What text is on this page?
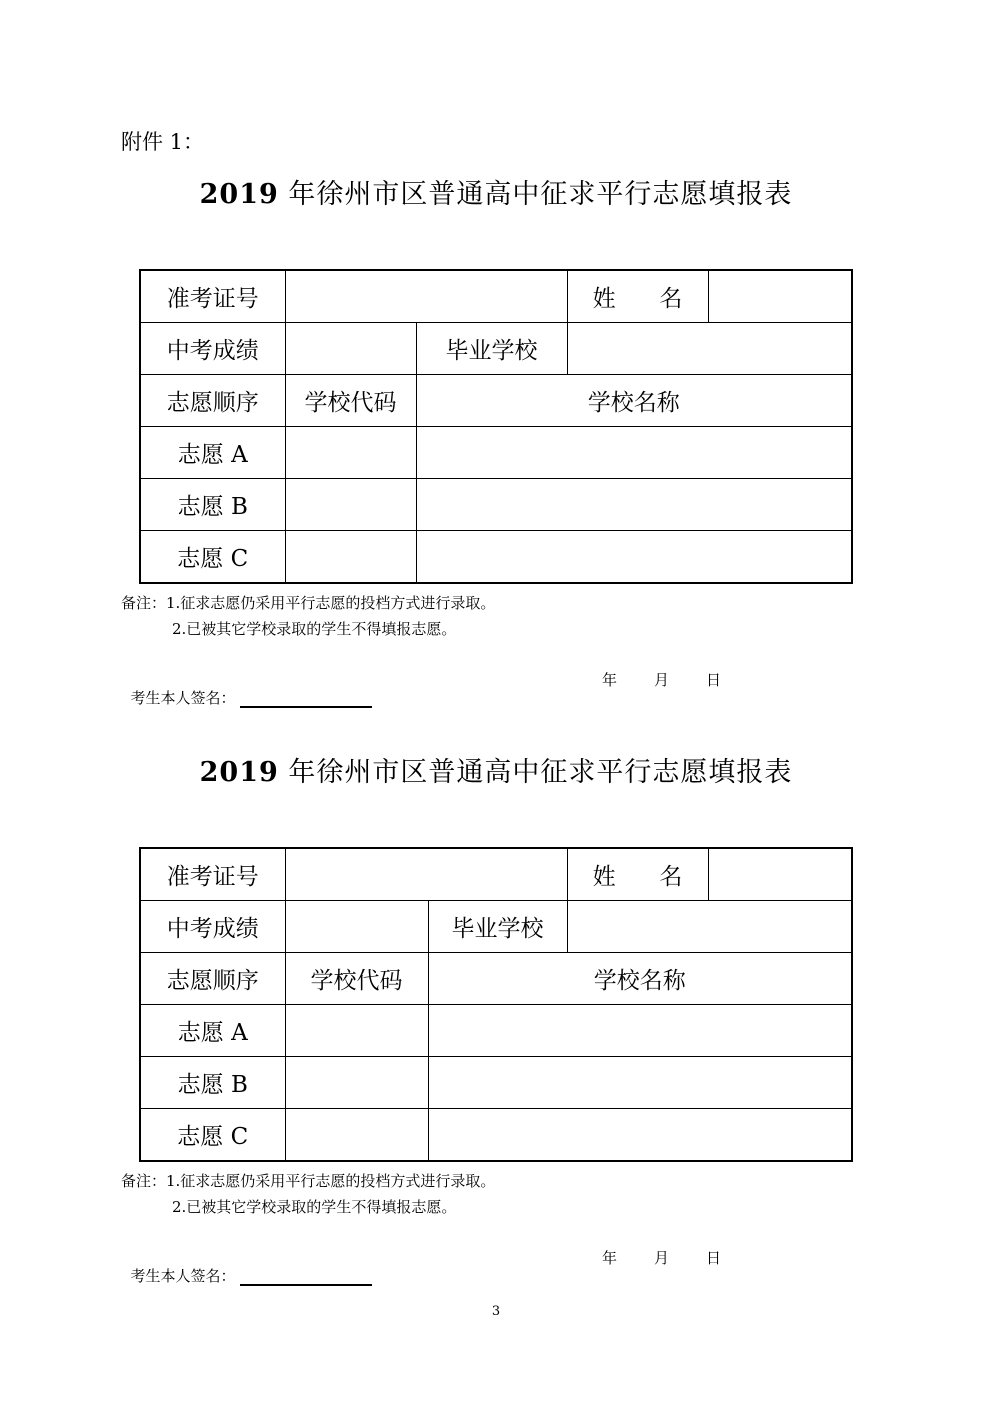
附件 1：
2019 年徐州市区普通高中征求平行志愿填报表
准考证号			姓      名	
中考成绩		毕业学校		
志愿顺序	学校代码	学校名称		
志愿 A				
志愿 B				
志愿 C				
备注：1.征求志愿仍采用平行志愿的投档方式进行录取。
2.已被其它学校录取的学生不得填报志愿。

考生本人签名：

年 月 日
2019 年徐州市区普通高中征求平行志愿填报表
准考证号			姓      名	
中考成绩		毕业学校		
志愿顺序	学校代码	学校名称		
志愿 A				
志愿 B				
志愿 C				
备注：1.征求志愿仍采用平行志愿的投档方式进行录取。
2.已被其它学校录取的学生不得填报志愿。

考生本人签名：

年 月 日
3
